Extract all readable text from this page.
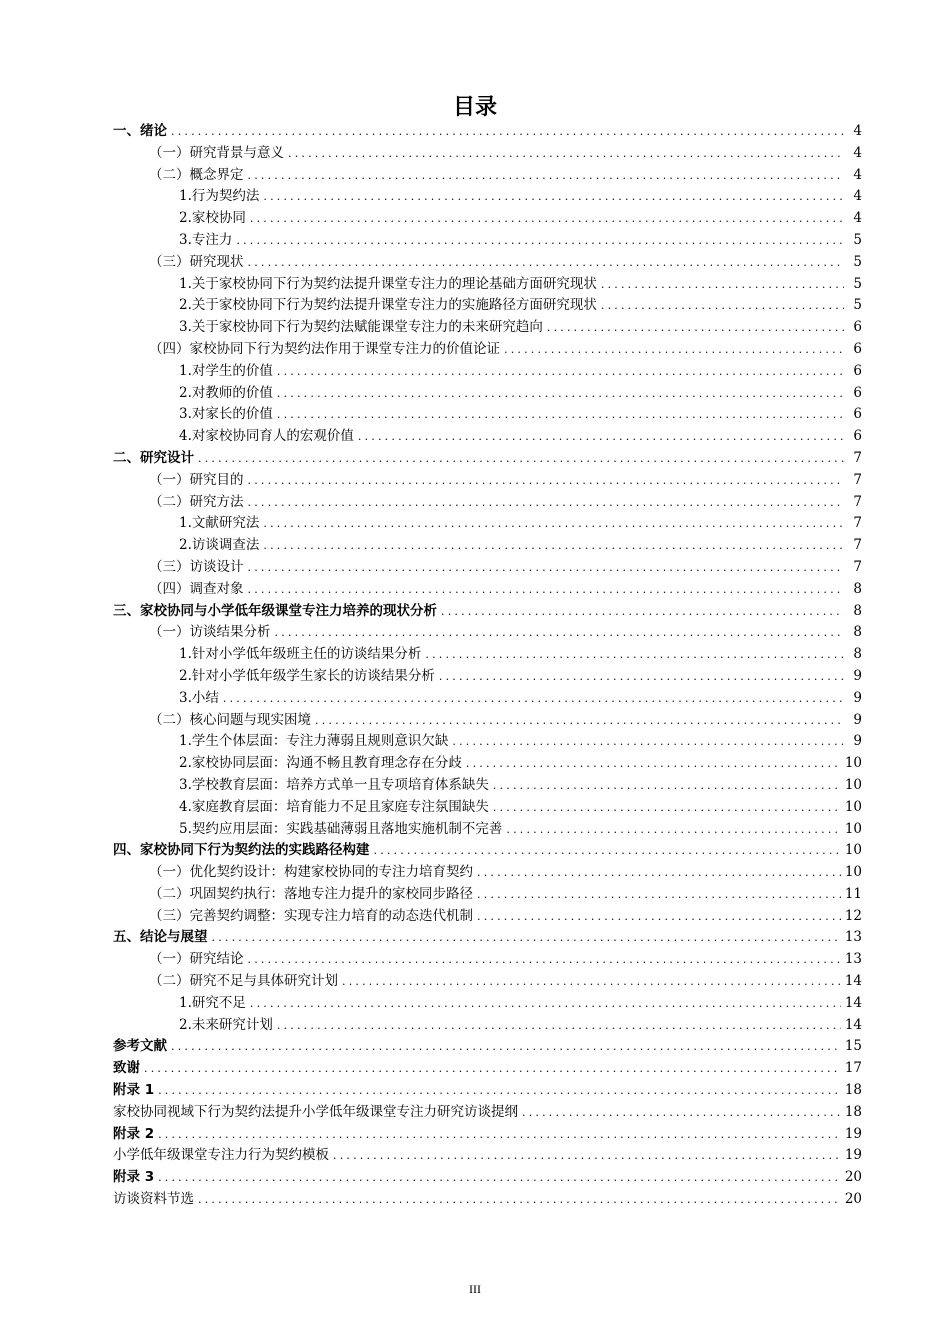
目录
一、绪论 .....	4
（一）研究背景与意义 .....	4
（二）概念界定 .....	4
1.行为契约法 .....	4
2.家校协同 .....	4
3.专注力 .....	5
（三）研究现状 .....	5
1.关于家校协同下行为契约法提升课堂专注力的理论基础方面研究现状 .....	5
2.关于家校协同下行为契约法提升课堂专注力的实施路径方面研究现状 .....	5
3.关于家校协同下行为契约法赋能课堂专注力的未来研究趋向 .....	6
（四）家校协同下行为契约法作用于课堂专注力的价值论证 .....	6
1.对学生的价值 .....	6
2.对教师的价值 .....	6
3.对家长的价值 .....	6
4.对家校协同育人的宏观价值 .....	6
二、研究设计 .....	7
（一）研究目的 .....	7
（二）研究方法 .....	7
1.文献研究法 .....	7
2.访谈调查法 .....	7
（三）访谈设计 .....	7
（四）调查对象 .....	8
三、家校协同与小学低年级课堂专注力培养的现状分析 .....	8
（一）访谈结果分析 .....	8
1.针对小学低年级班主任的访谈结果分析 .....	8
2.针对小学低年级学生家长的访谈结果分析 .....	9
3.小结 .....	9
（二）核心问题与现实困境 .....	9
1.学生个体层面：专注力薄弱且规则意识欠缺 .....	9
2.家校协同层面：沟通不畅且教育理念存在分歧 .....	10
3.学校教育层面：培养方式单一且专项培育体系缺失 .....	10
4.家庭教育层面：培育能力不足且家庭专注氛围缺失 .....	10
5.契约应用层面：实践基础薄弱且落地实施机制不完善 .....	10
四、家校协同下行为契约法的实践路径构建 .....	10
（一）优化契约设计：构建家校协同的专注力培育契约 .....	10
（二）巩固契约执行：落地专注力提升的家校同步路径 .....	11
（三）完善契约调整：实现专注力培育的动态迭代机制 .....	12
五、结论与展望 .....	13
（一）研究结论 .....	13
（二）研究不足与具体研究计划 .....	14
1.研究不足 .....	14
2.未来研究计划 .....	14
参考文献 .....	15
致谢 .....	17
附录 1 .....	18
家校协同视域下行为契约法提升小学低年级课堂专注力研究访谈提纲 .....	18
附录 2 .....	19
小学低年级课堂专注力行为契约模板 .....	19
附录 3 .....	20
访谈资料节选 .....	20
III
